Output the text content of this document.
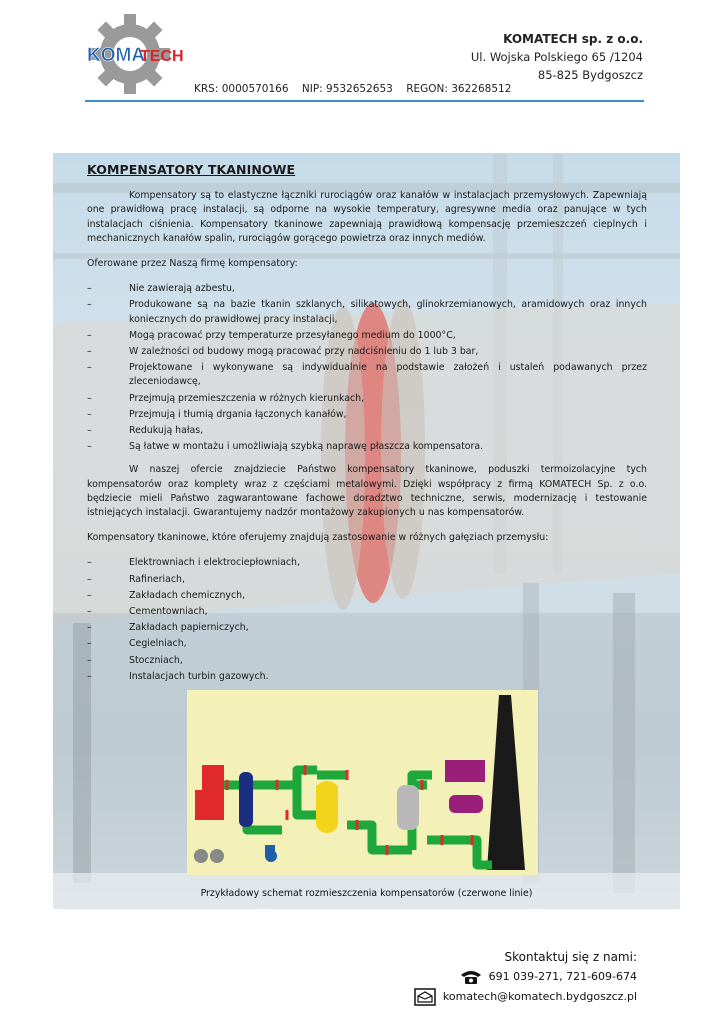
KOMA
TECH
KOMATECH sp. z o.o.
Ul. Wojska Polskiego 65 /1204
85-825 Bydgoszcz
KRS: 0000570166    NIP: 9532652653    REGON: 362268512
KOMPENSATORY TKANINOWE

Kompensatory są to elastyczne łączniki rurociągów oraz kanałów w instalacjach przemysłowych. Zapewniają one prawidłową pracę instalacji, są odporne na wysokie temperatury, agresywne media oraz panujące w tych instalacjach ciśnienia. Kompensatory tkaninowe zapewniają prawidłową kompensację przemieszczeń cieplnych i mechanicznych kanałów spalin, rurociągów gorącego powietrza oraz innych mediów.

Oferowane przez Naszą firmę kompensatory:

– Nie zawierają azbestu,
– Produkowane są na bazie tkanin szklanych, silikatowych, glinokrzemianowych, aramidowych oraz innych koniecznych do prawidłowej pracy instalacji,
– Mogą pracować przy temperaturze przesyłanego medium do 1000°C,
– W zależności od budowy mogą pracować przy nadciśnieniu do 1 lub 3 bar,
– Projektowane i wykonywane są indywidualnie na podstawie założeń i ustaleń podawanych przez zleceniodawcę,
– Przejmują przemieszczenia w różnych kierunkach,
– Przejmują i tłumią drgania łączonych kanałów,
– Redukują hałas,
– Są łatwe w montażu i umożliwiają szybką naprawę płaszcza kompensatora.

W naszej ofercie znajdziecie Państwo kompensatory tkaninowe, poduszki termoizolacyjne tych kompensatorów oraz komplety wraz z częściami metalowymi. Dzięki współpracy z firmą KOMATECH Sp. z o.o. będziecie mieli Państwo zagwarantowane fachowe doradztwo techniczne, serwis, modernizację i testowanie istniejących instalacji. Gwarantujemy nadzór montażowy zakupionych u nas kompensatorów.

Kompensatory tkaninowe, które oferujemy znajdują zastosowanie w różnych gałęziach przemysłu:

– Elektrowniach i elektrociepłowniach,
– Rafineriach,
– Zakładach chemicznych,
– Cementowniach,
– Zakładach papierniczych,
– Cegielniach,
– Stoczniach,
– Instalacjach turbin gazowych.
Przykładowy schemat rozmieszczenia kompensatorów (czerwone linie)
Skontaktuj się z nami:
691 039-271, 721-609-674
komatech@komatech.bydgoszcz.pl
